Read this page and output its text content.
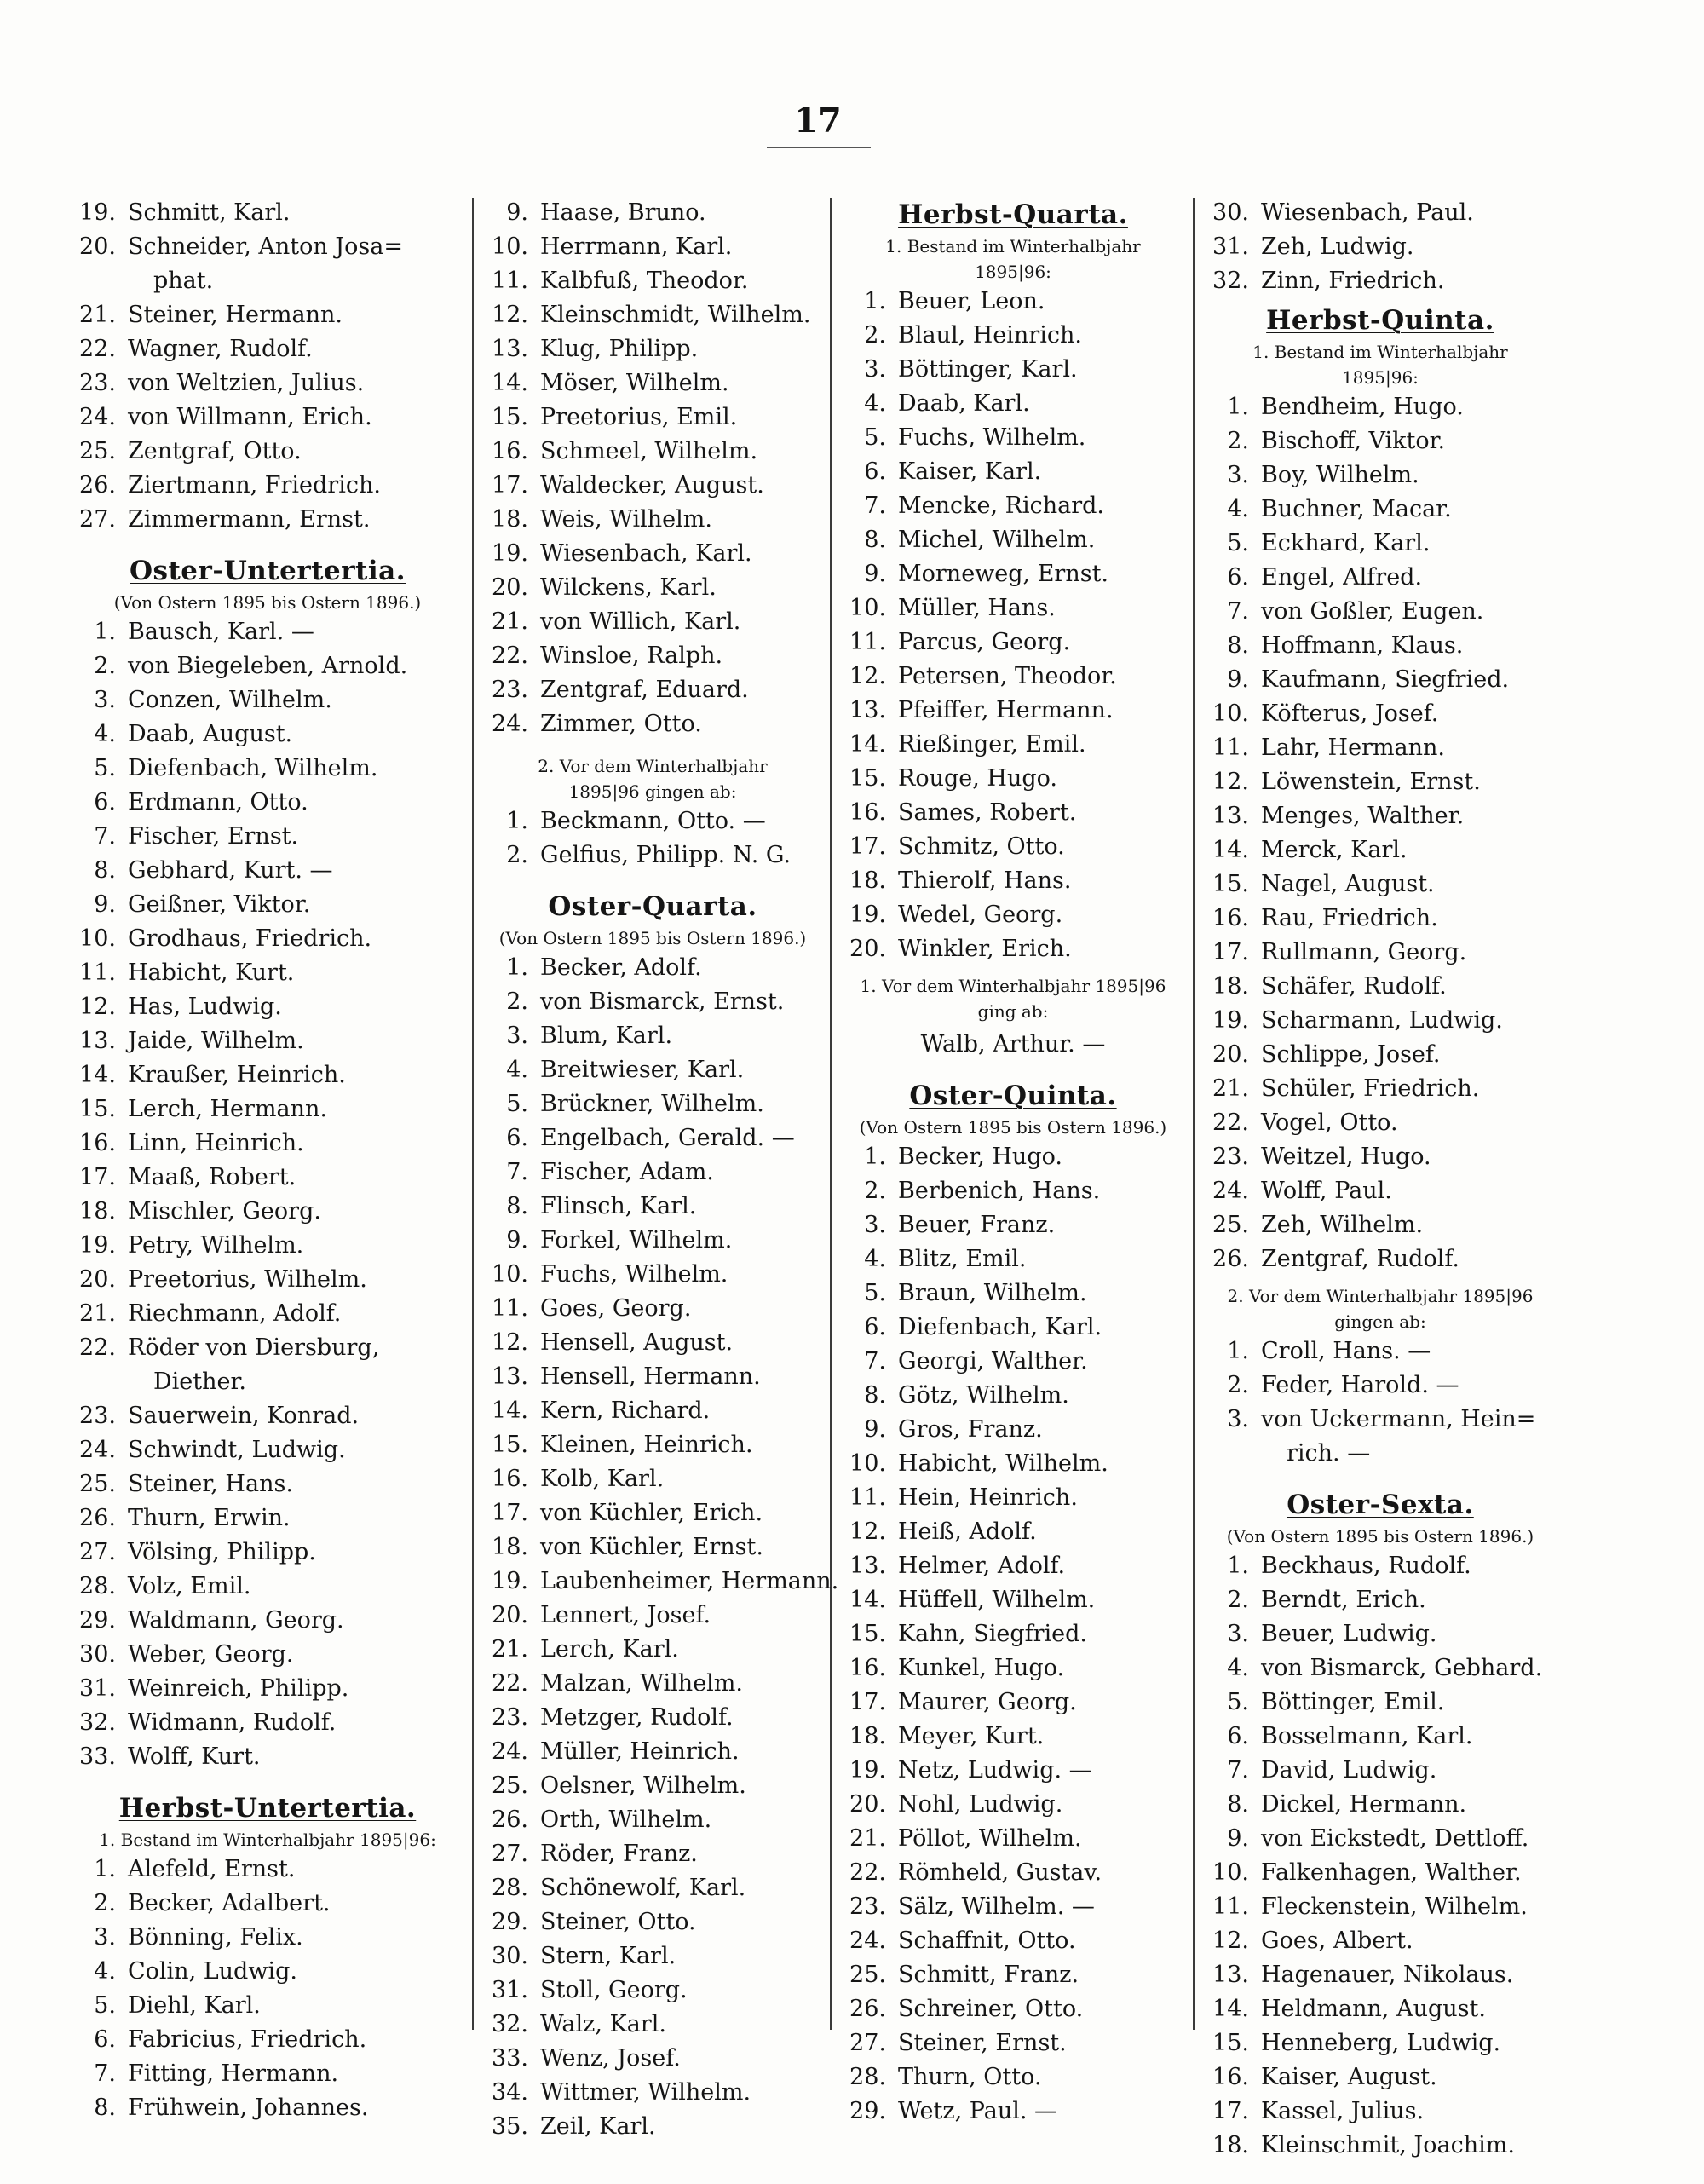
17
19. Schmitt, Karl.
20. Schneider, Anton Josa=
phat.
21. Steiner, Hermann.
22. Wagner, Rudolf.
23. von Weltzien, Julius.
24. von Willmann, Erich.
25. Zentgraf, Otto.
26. Ziertmann, Friedrich.
27. Zimmermann, Ernst.
Oster-Untertertia.
(Von Ostern 1895 bis Ostern 1896.)
1. Bausch, Karl. —
2. von Biegeleben, Arnold.
3. Conzen, Wilhelm.
4. Daab, August.
5. Diefenbach, Wilhelm.
6. Erdmann, Otto.
7. Fischer, Ernst.
8. Gebhard, Kurt. —
9. Geißner, Viktor.
10. Grodhaus, Friedrich.
11. Habicht, Kurt.
12. Has, Ludwig.
13. Jaide, Wilhelm.
14. Kraußer, Heinrich.
15. Lerch, Hermann.
16. Linn, Heinrich.
17. Maaß, Robert.
18. Mischler, Georg.
19. Petry, Wilhelm.
20. Preetorius, Wilhelm.
21. Riechmann, Adolf.
22. Röder von Diersburg,
Diether.
23. Sauerwein, Konrad.
24. Schwindt, Ludwig.
25. Steiner, Hans.
26. Thurn, Erwin.
27. Völsing, Philipp.
28. Volz, Emil.
29. Waldmann, Georg.
30. Weber, Georg.
31. Weinreich, Philipp.
32. Widmann, Rudolf.
33. Wolff, Kurt.
Herbst-Untertertia.
1. Bestand im Winterhalbjahr 1895|96:
1. Alefeld, Ernst.
2. Becker, Adalbert.
3. Bönning, Felix.
4. Colin, Ludwig.
5. Diehl, Karl.
6. Fabricius, Friedrich.
7. Fitting, Hermann.
8. Frühwein, Johannes.
9. Haase, Bruno.
10. Herrmann, Karl.
11. Kalbfuß, Theodor.
12. Kleinschmidt, Wilhelm.
13. Klug, Philipp.
14. Möser, Wilhelm.
15. Preetorius, Emil.
16. Schmeel, Wilhelm.
17. Waldecker, August.
18. Weis, Wilhelm.
19. Wiesenbach, Karl.
20. Wilckens, Karl.
21. von Willich, Karl.
22. Winsloe, Ralph.
23. Zentgraf, Eduard.
24. Zimmer, Otto.
2. Vor dem Winterhalbjahr 1895|96 gingen ab:
1. Beckmann, Otto. —
2. Gelfius, Philipp. N. G.
Oster-Quarta.
(Von Ostern 1895 bis Ostern 1896.)
1. Becker, Adolf.
2. von Bismarck, Ernst.
3. Blum, Karl.
4. Breitwieser, Karl.
5. Brückner, Wilhelm.
6. Engelbach, Gerald. —
7. Fischer, Adam.
8. Flinsch, Karl.
9. Forkel, Wilhelm.
10. Fuchs, Wilhelm.
11. Goes, Georg.
12. Hensell, August.
13. Hensell, Hermann.
14. Kern, Richard.
15. Kleinen, Heinrich.
16. Kolb, Karl.
17. von Küchler, Erich.
18. von Küchler, Ernst.
19. Laubenheimer, Hermann.
20. Lennert, Josef.
21. Lerch, Karl.
22. Malzan, Wilhelm.
23. Metzger, Rudolf.
24. Müller, Heinrich.
25. Oelsner, Wilhelm.
26. Orth, Wilhelm.
27. Röder, Franz.
28. Schönewolf, Karl.
29. Steiner, Otto.
30. Stern, Karl.
31. Stoll, Georg.
32. Walz, Karl.
33. Wenz, Josef.
34. Wittmer, Wilhelm.
35. Zeil, Karl.
Herbst-Quarta.
1. Bestand im Winterhalbjahr 1895|96:
1. Beuer, Leon.
2. Blaul, Heinrich.
3. Böttinger, Karl.
4. Daab, Karl.
5. Fuchs, Wilhelm.
6. Kaiser, Karl.
7. Mencke, Richard.
8. Michel, Wilhelm.
9. Morneweg, Ernst.
10. Müller, Hans.
11. Parcus, Georg.
12. Petersen, Theodor.
13. Pfeiffer, Hermann.
14. Rießinger, Emil.
15. Rouge, Hugo.
16. Sames, Robert.
17. Schmitz, Otto.
18. Thierolf, Hans.
19. Wedel, Georg.
20. Winkler, Erich.
1. Vor dem Winterhalbjahr 1895|96 ging ab:
Walb, Arthur. —
Oster-Quinta.
(Von Ostern 1895 bis Ostern 1896.)
1. Becker, Hugo.
2. Berbenich, Hans.
3. Beuer, Franz.
4. Blitz, Emil.
5. Braun, Wilhelm.
6. Diefenbach, Karl.
7. Georgi, Walther.
8. Götz, Wilhelm.
9. Gros, Franz.
10. Habicht, Wilhelm.
11. Hein, Heinrich.
12. Heiß, Adolf.
13. Helmer, Adolf.
14. Hüffell, Wilhelm.
15. Kahn, Siegfried.
16. Kunkel, Hugo.
17. Maurer, Georg.
18. Meyer, Kurt.
19. Netz, Ludwig. —
20. Nohl, Ludwig.
21. Pöllot, Wilhelm.
22. Römheld, Gustav.
23. Sälz, Wilhelm. —
24. Schaffnit, Otto.
25. Schmitt, Franz.
26. Schreiner, Otto.
27. Steiner, Ernst.
28. Thurn, Otto.
29. Wetz, Paul. —
30. Wiesenbach, Paul.
31. Zeh, Ludwig.
32. Zinn, Friedrich.
Herbst-Quinta.
1. Bestand im Winterhalbjahr 1895|96:
1. Bendheim, Hugo.
2. Bischoff, Viktor.
3. Boy, Wilhelm.
4. Buchner, Macar.
5. Eckhard, Karl.
6. Engel, Alfred.
7. von Goßler, Eugen.
8. Hoffmann, Klaus.
9. Kaufmann, Siegfried.
10. Köfterus, Josef.
11. Lahr, Hermann.
12. Löwenstein, Ernst.
13. Menges, Walther.
14. Merck, Karl.
15. Nagel, August.
16. Rau, Friedrich.
17. Rullmann, Georg.
18. Schäfer, Rudolf.
19. Scharmann, Ludwig.
20. Schlippe, Josef.
21. Schüler, Friedrich.
22. Vogel, Otto.
23. Weitzel, Hugo.
24. Wolff, Paul.
25. Zeh, Wilhelm.
26. Zentgraf, Rudolf.
2. Vor dem Winterhalbjahr 1895|96 gingen ab:
1. Croll, Hans. —
2. Feder, Harold. —
3. von Uckermann, Hein=
rich. —
Oster-Sexta.
(Von Ostern 1895 bis Ostern 1896.)
1. Beckhaus, Rudolf.
2. Berndt, Erich.
3. Beuer, Ludwig.
4. von Bismarck, Gebhard.
5. Böttinger, Emil.
6. Bosselmann, Karl.
7. David, Ludwig.
8. Dickel, Hermann.
9. von Eickstedt, Dettloff.
10. Falkenhagen, Walther.
11. Fleckenstein, Wilhelm.
12. Goes, Albert.
13. Hagenauer, Nikolaus.
14. Heldmann, August.
15. Henneberg, Ludwig.
16. Kaiser, August.
17. Kassel, Julius.
18. Kleinschmit, Joachim.
